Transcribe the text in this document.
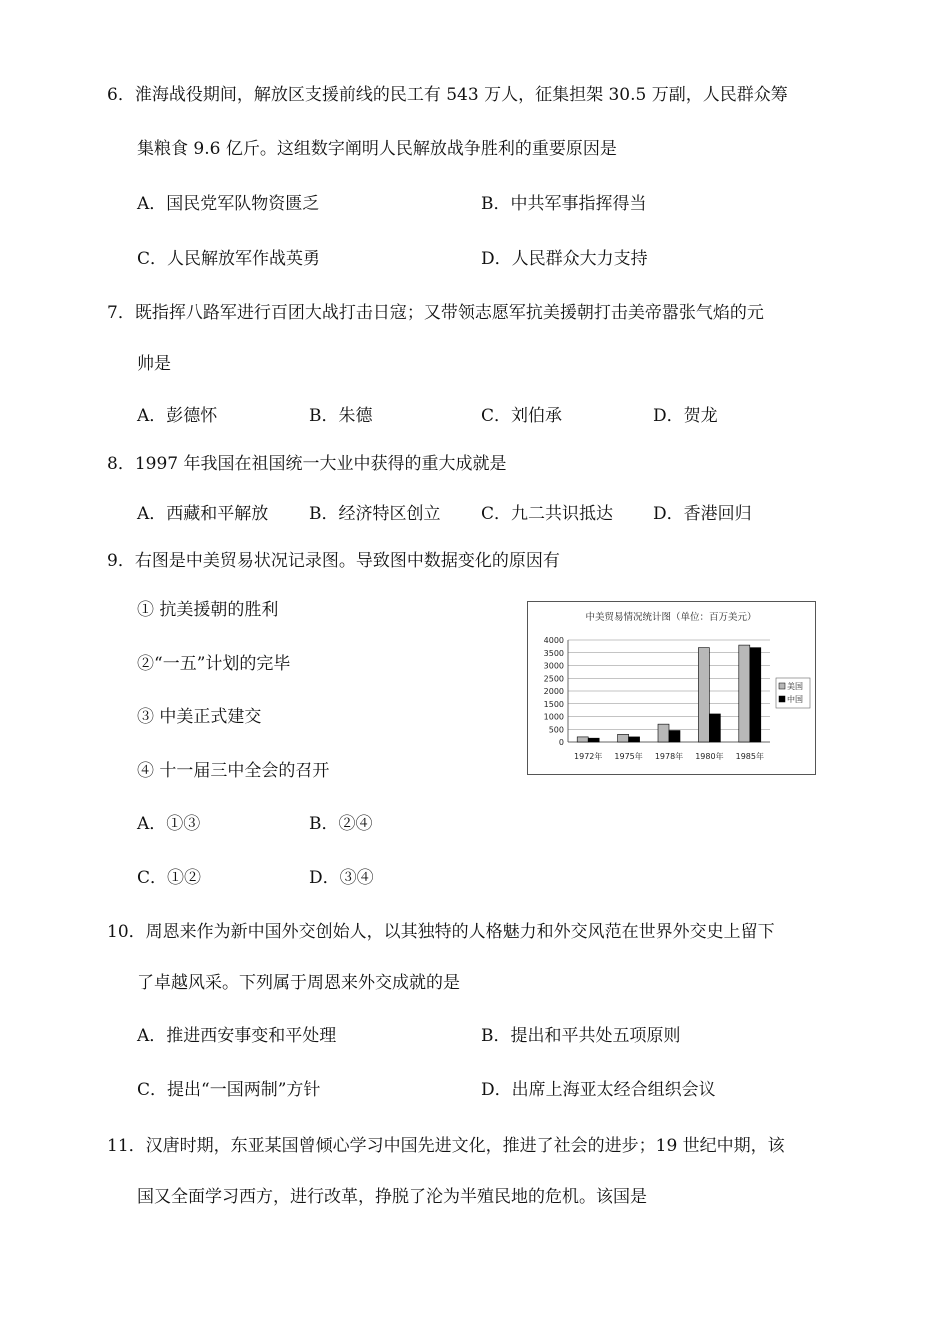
6．淮海战役期间，解放区支援前线的民工有 543 万人，征集担架 30.5 万副，人民群众筹
集粮食 9.6 亿斤。这组数字阐明人民解放战争胜利的重要原因是
A．国民党军队物资匮乏	B．中共军事指挥得当
C．人民解放军作战英勇	D．人民群众大力支持
7．既指挥八路军进行百团大战打击日寇；又带领志愿军抗美援朝打击美帝嚣张气焰的元
帅是
A．彭德怀	B．朱德	C．刘伯承	D．贺龙
8．1997 年我国在祖国统一大业中获得的重大成就是
A．西藏和平解放 B．经济特区创立 C．九二共识抵达 D．香港回归
9．右图是中美贸易状况记录图。导致图中数据变化的原因有
① 抗美援朝的胜利
②“一五”计划的完毕
③ 中美正式建交
④ 十一届三中全会的召开
A．①③	B．②④
C．①②	D．③④
中美贸易情况统计图（单位：百万美元）
4000
3500
3000
2500
2000
1500
1000
500
0
1972年 1975年 1978年 1980年 1985年
美国
中国
10．周恩来作为新中国外交创始人，以其独特的人格魅力和外交风范在世界外交史上留下
了卓越风采。下列属于周恩来外交成就的是
A．推进西安事变和平处理	B．提出和平共处五项原则
C．提出“一国两制”方针	D．出席上海亚太经合组织会议
11．汉唐时期，东亚某国曾倾心学习中国先进文化，推进了社会的进步；19 世纪中期，该
国又全面学习西方，进行改革，挣脱了沦为半殖民地的危机。该国是
